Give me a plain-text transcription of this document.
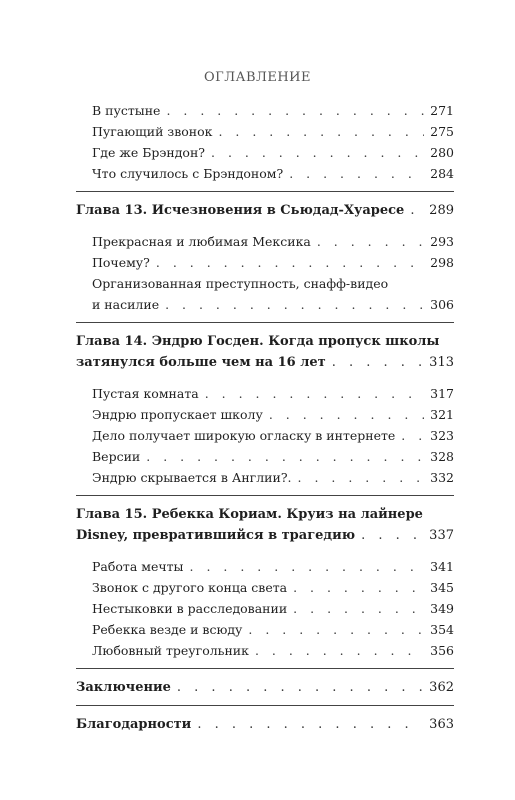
ОГЛАВЛЕНИЕ
В пустыне . . .	271
Пугающий звонок . . .	275
Где же Брэндон? . . .	280
Что случилось с Брэндоном? . . .	284
Глава 13. Исчезновения в Сьюдад-Хуаресе . . . 289
Прекрасная и любимая Мексика . . .	293
Почему? . . .	298
Организованная преступность, снафф-видео
и насилие . . .	306
Глава 14. Эндрю Госден. Когда пропуск школы
затянулся больше чем на 16 лет . . .	313
Пустая комната . . .	317
Эндрю пропускает школу . . .	321
Дело получает широкую огласку в интернете . . .	323
Версии . . .	328
Эндрю скрывается в Англии?. . . .	332
Глава 15. Ребекка Кориам. Круиз на лайнере
Disney, превратившийся в трагедию . . .	337
Работа мечты . . .	341
Звонок с другого конца света . . .	345
Нестыковки в расследовании . . .	349
Ребекка везде и всюду . . .	354
Любовный треугольник . . .	356
Заключение . . .	362
Благодарности . . .	363
